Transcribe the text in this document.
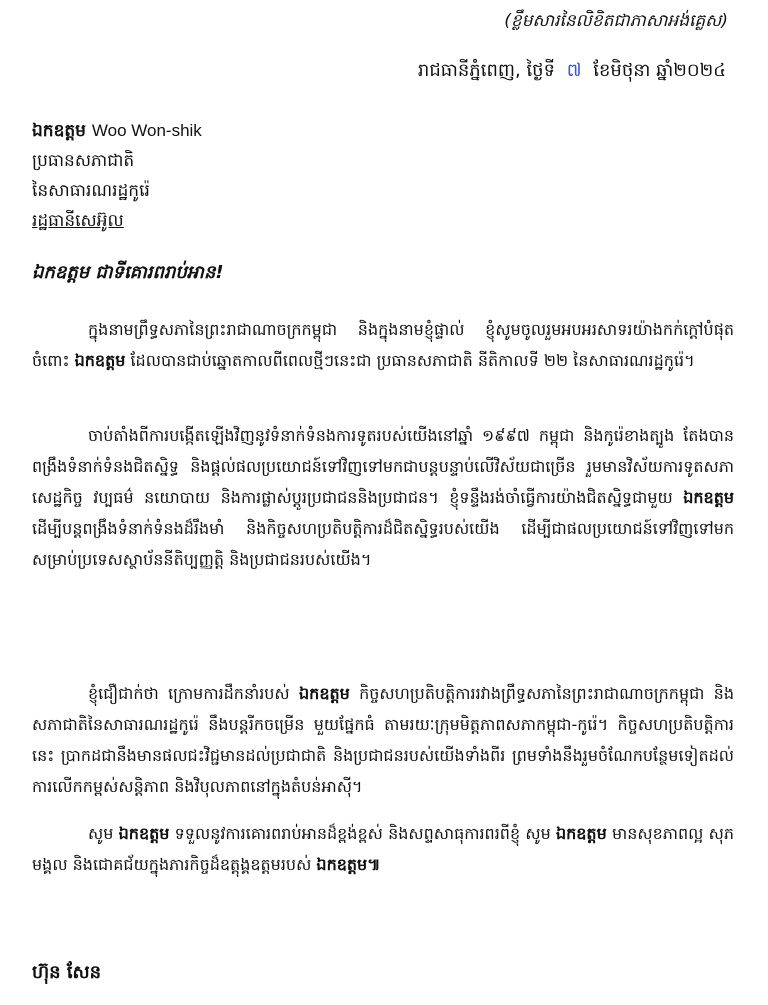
(ខ្លឹមសារនៃលិខិតជាភាសាអង់គ្លេស)
រាជធានីភ្នំពេញ, ថ្ងៃទី ៧ ខែមិថុនា ឆ្នាំ២០២៤
ឯកឧត្តម Woo Won-shik
ប្រធានសភាជាតិ
នៃសាធារណរដ្ឋកូរ៉េ
រដ្ឋធានីសេអ៊ូល
ឯកឧត្តម ជាទីគោរពរាប់អាន!
ក្នុងនាមព្រឹទ្ធសភានៃព្រះរាជាណាចក្រកម្ពុជា និងក្នុងនាមខ្ញុំផ្ទាល់ ខ្ញុំសូមចូលរួមអបអរសាទរយ៉ាងកក់ក្តៅបំផុតចំពោះ ឯកឧត្តម ដែលបានជាប់ឆ្នោតកាលពីពេលថ្មីៗនេះជា ប្រធានសភាជាតិ នីតិកាលទី ២២ នៃសាធារណរដ្ឋកូរ៉េ។
ចាប់តាំងពីការបង្កើតឡើងវិញនូវទំនាក់ទំនងការទូតរបស់យើងនៅឆ្នាំ ១៩៩៧ កម្ពុជា និងកូរ៉េខាងត្បូង តែងបានពង្រឹងទំនាក់ទំនងជិតស្និទ្ធ និងផ្តល់ផលប្រយោជន៍ទៅវិញទៅមកជាបន្តបន្ទាប់លើវិស័យជាច្រើន រួមមានវិស័យការទូតសភា សេដ្ឋកិច្ច វប្បធម៌ នយោបាយ និងការផ្លាស់ប្តូរប្រជាជននិងប្រជាជន។ ខ្ញុំទន្ទឹងរង់ចាំធ្វើការយ៉ាងជិតស្និទ្ធជាមួយ ឯកឧត្តម ដើម្បីបន្តពង្រឹងទំនាក់ទំនងដ៏រឹងមាំ និងកិច្ចសហប្រតិបត្តិការដ៏ជិតស្និទ្ធរបស់យើង ដើម្បីជាផលប្រយោជន៍ទៅវិញទៅមកសម្រាប់ប្រទេសស្ថាប័ននីតិប្បញ្ញត្តិ និងប្រជាជនរបស់យើង។
ខ្ញុំជឿជាក់ថា ក្រោមការដឹកនាំរបស់ ឯកឧត្តម កិច្ចសហប្រតិបត្តិការរវាងព្រឹទ្ធសភានៃព្រះរាជាណាចក្រកម្ពុជា និងសភាជាតិនៃសាធារណរដ្ឋកូរ៉េ នឹងបន្តរីកចម្រើន មួយផ្នែកធំ តាមរយៈក្រុមមិត្តភាពសភាកម្ពុជា-កូរ៉េ។ កិច្ចសហប្រតិបត្តិការនេះ ប្រាកដជានឹងមានផលជះវិជ្ជមានដល់ប្រជាជាតិ និងប្រជាជនរបស់យើងទាំងពីរ ព្រមទាំងនឹងរួមចំណែកបន្ថែមទៀតដល់ការលើកកម្ពស់សន្តិភាព និងវិបុលភាពនៅក្នុងតំបន់អាស៊ី។
សូម ឯកឧត្តម ទទួលនូវការគោរពរាប់អានដ៏ខ្ពង់ខ្ពស់ និងសព្ទសាធុការពរពីខ្ញុំ សូម ឯកឧត្តម មានសុខភាពល្អ សុភមង្គល និងជោគជ័យក្នុងភារកិច្ចដ៏ឧត្តុង្គឧត្តមរបស់ ឯកឧត្តម៕
ហ៊ុន សែន
